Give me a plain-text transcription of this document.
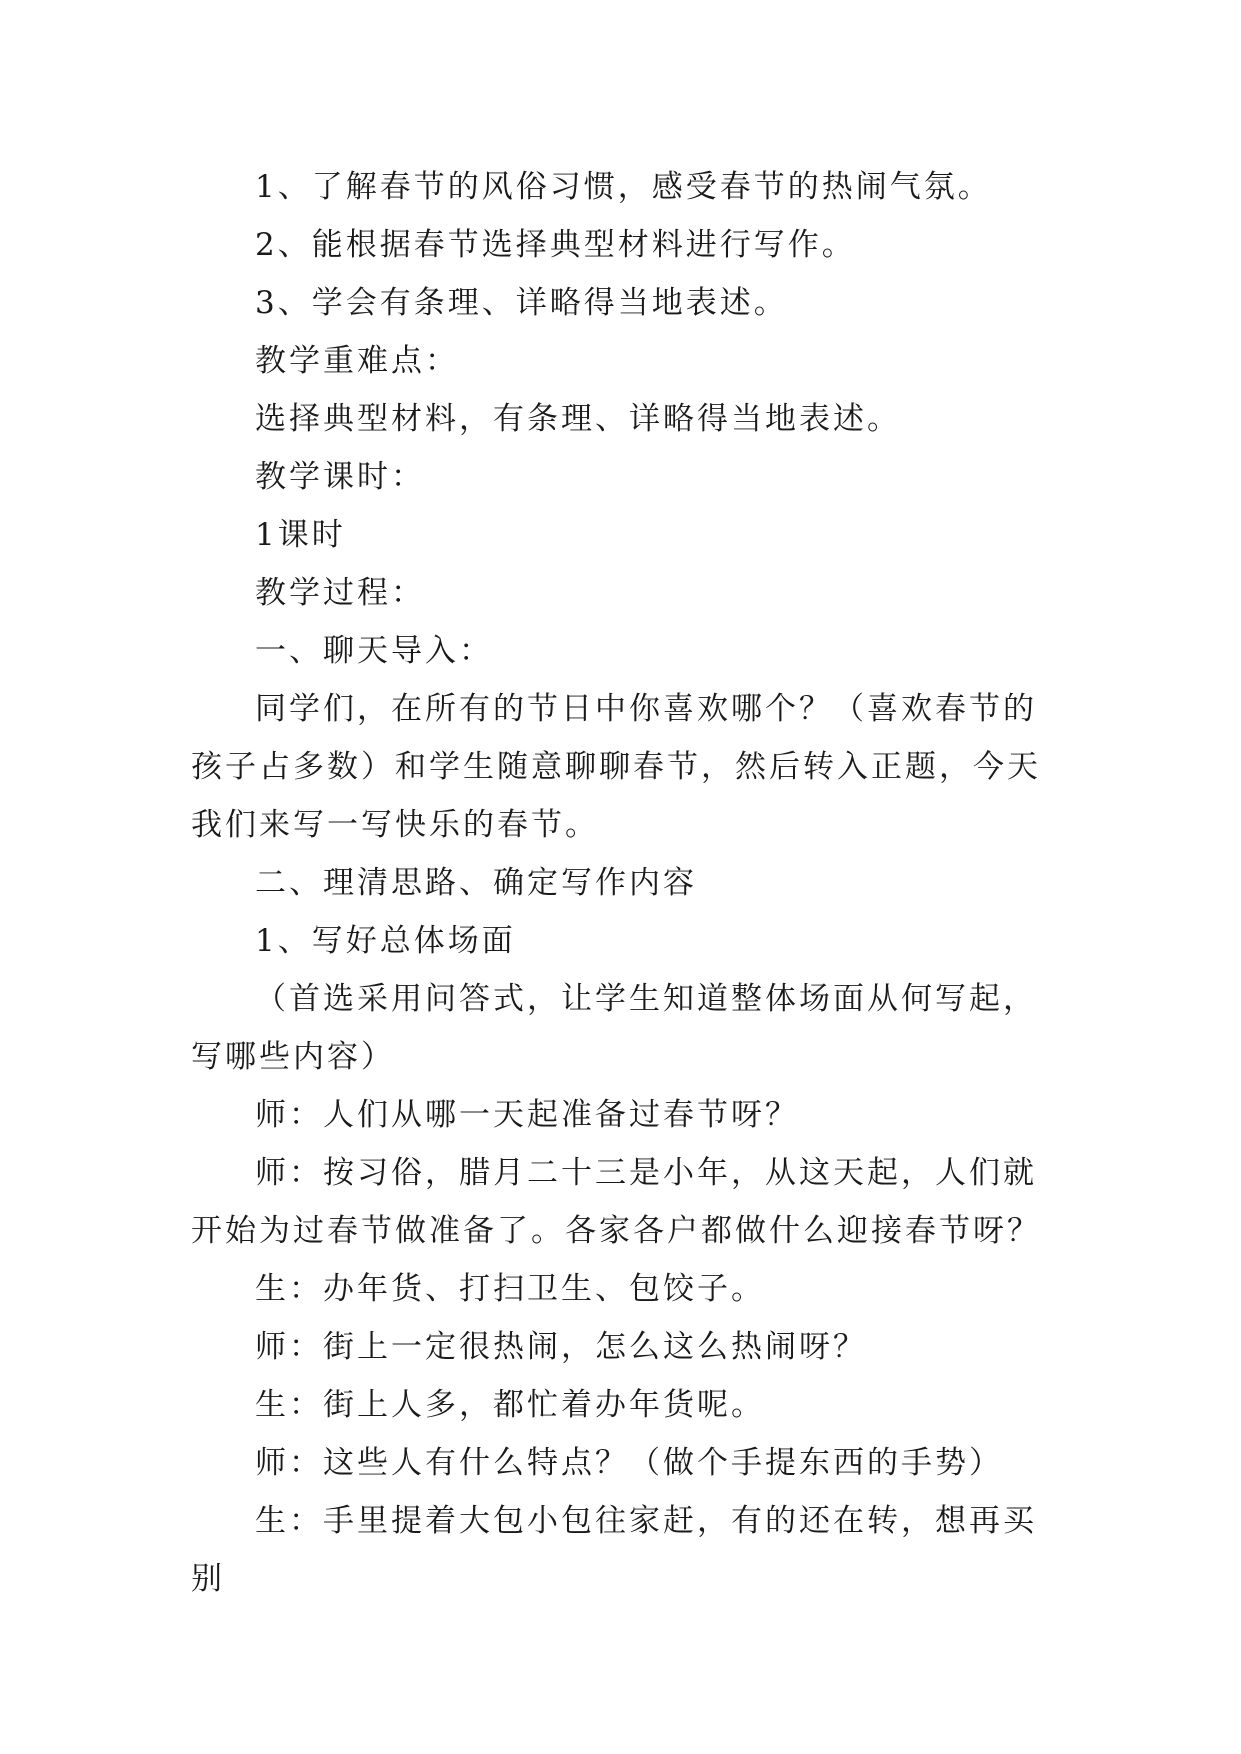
1、了解春节的风俗习惯，感受春节的热闹气氛。

2、能根据春节选择典型材料进行写作。

3、学会有条理、详略得当地表述。

教学重难点：

选择典型材料，有条理、详略得当地表述。

教学课时：

1课时

教学过程：

一、聊天导入：

同学们，在所有的节日中你喜欢哪个？（喜欢春节的孩子占多数）和学生随意聊聊春节，然后转入正题，今天我们来写一写快乐的春节。

二、理清思路、确定写作内容

1、写好总体场面

（首选采用问答式，让学生知道整体场面从何写起，写哪些内容）

师：人们从哪一天起准备过春节呀？

师：按习俗，腊月二十三是小年，从这天起，人们就开始为过春节做准备了。各家各户都做什么迎接春节呀？

生：办年货、打扫卫生、包饺子。

师：街上一定很热闹，怎么这么热闹呀？

生：街上人多，都忙着办年货呢。

师：这些人有什么特点？（做个手提东西的手势）

生：手里提着大包小包往家赶，有的还在转，想再买别
